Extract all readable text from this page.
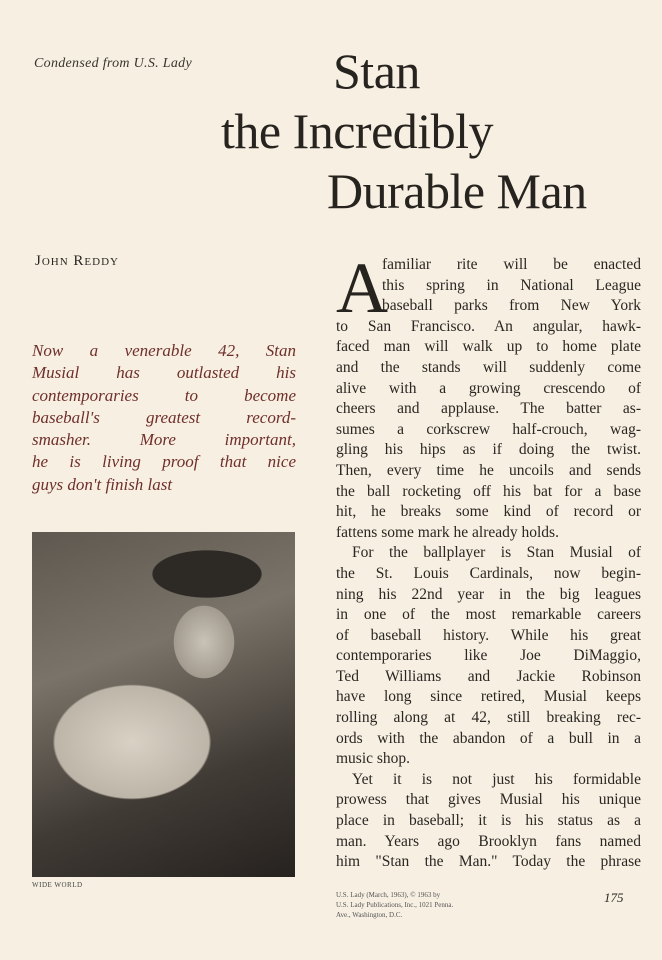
Condensed from U.S. Lady	Stan
the Incredibly
Durable Man
John Reddy
Now a venerable 42, Stan
Musial has outlasted his
contemporaries to become
baseball's greatest record-
smasher. More important,
he is living proof that nice
guys don't finish last
WIDE WORLD
A
familiar rite will be enacted
this spring in National League
baseball parks from New York
to San Francisco. An angular, hawk-
faced man will walk up to home plate
and the stands will suddenly come
alive with a growing crescendo of
cheers and applause. The batter as-
sumes a corkscrew half-crouch, wag-
gling his hips as if doing the twist.
Then, every time he uncoils and sends
the ball rocketing off his bat for a base
hit, he breaks some kind of record or
fattens some mark he already holds.
For the ballplayer is Stan Musial of
the St. Louis Cardinals, now begin-
ning his 22nd year in the big leagues
in one of the most remarkable careers
of baseball history. While his great
contemporaries like Joe DiMaggio,
Ted Williams and Jackie Robinson
have long since retired, Musial keeps
rolling along at 42, still breaking rec-
ords with the abandon of a bull in a
music shop.
Yet it is not just his formidable
prowess that gives Musial his unique
place in baseball; it is his status as a
man. Years ago Brooklyn fans named
him "Stan the Man." Today the phrase
U.S. Lady (March, 1963), © 1963 by
U.S. Lady Publications, Inc., 1021 Penna.
Ave., Washington, D.C.
175
